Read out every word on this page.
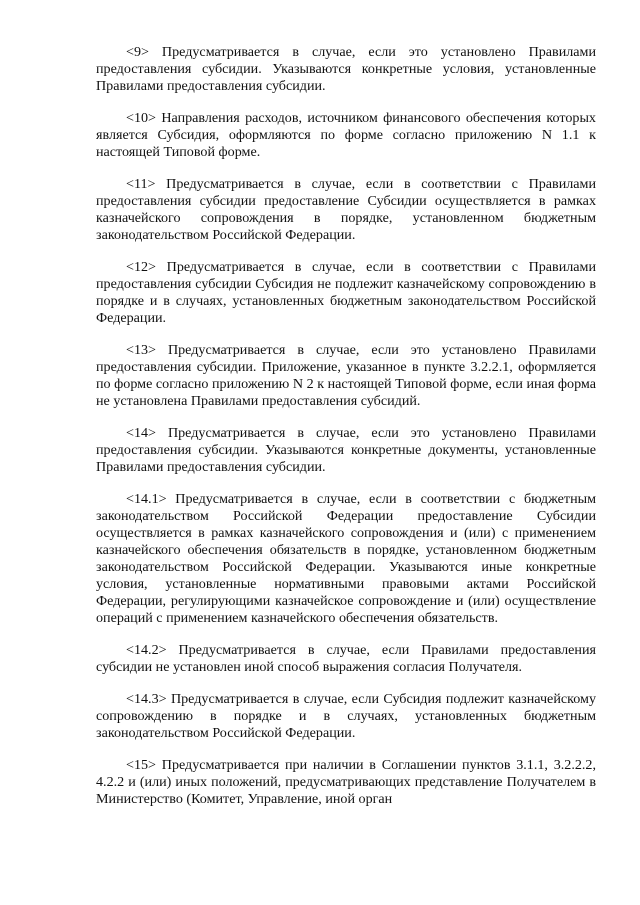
<9> Предусматривается в случае, если это установлено Правилами предоставления субсидии. Указываются конкретные условия, установленные Правилами предоставления субсидии.

<10> Направления расходов, источником финансового обеспечения которых является Субсидия, оформляются по форме согласно приложению N 1.1 к настоящей Типовой форме.

<11> Предусматривается в случае, если в соответствии с Правилами предоставления субсидии предоставление Субсидии осуществляется в рамках казначейского сопровождения в порядке, установленном бюджетным законодательством Российской Федерации.

<12> Предусматривается в случае, если в соответствии с Правилами предоставления субсидии Субсидия не подлежит казначейскому сопровождению в порядке и в случаях, установленных бюджетным законодательством Российской Федерации.

<13> Предусматривается в случае, если это установлено Правилами предоставления субсидии. Приложение, указанное в пункте 3.2.2.1, оформляется по форме согласно приложению N 2 к настоящей Типовой форме, если иная форма не установлена Правилами предоставления субсидий.

<14> Предусматривается в случае, если это установлено Правилами предоставления субсидии. Указываются конкретные документы, установленные Правилами предоставления субсидии.

<14.1> Предусматривается в случае, если в соответствии с бюджетным законодательством Российской Федерации предоставление Субсидии осуществляется в рамках казначейского сопровождения и (или) с применением казначейского обеспечения обязательств в порядке, установленном бюджетным законодательством Российской Федерации. Указываются иные конкретные условия, установленные нормативными правовыми актами Российской Федерации, регулирующими казначейское сопровождение и (или) осуществление операций с применением казначейского обеспечения обязательств.

<14.2> Предусматривается в случае, если Правилами предоставления субсидии не установлен иной способ выражения согласия Получателя.

<14.3> Предусматривается в случае, если Субсидия подлежит казначейскому сопровождению в порядке и в случаях, установленных бюджетным законодательством Российской Федерации.

<15> Предусматривается при наличии в Соглашении пунктов 3.1.1, 3.2.2.2, 4.2.2 и (или) иных положений, предусматривающих представление Получателем в Министерство (Комитет, Управление, иной орган
